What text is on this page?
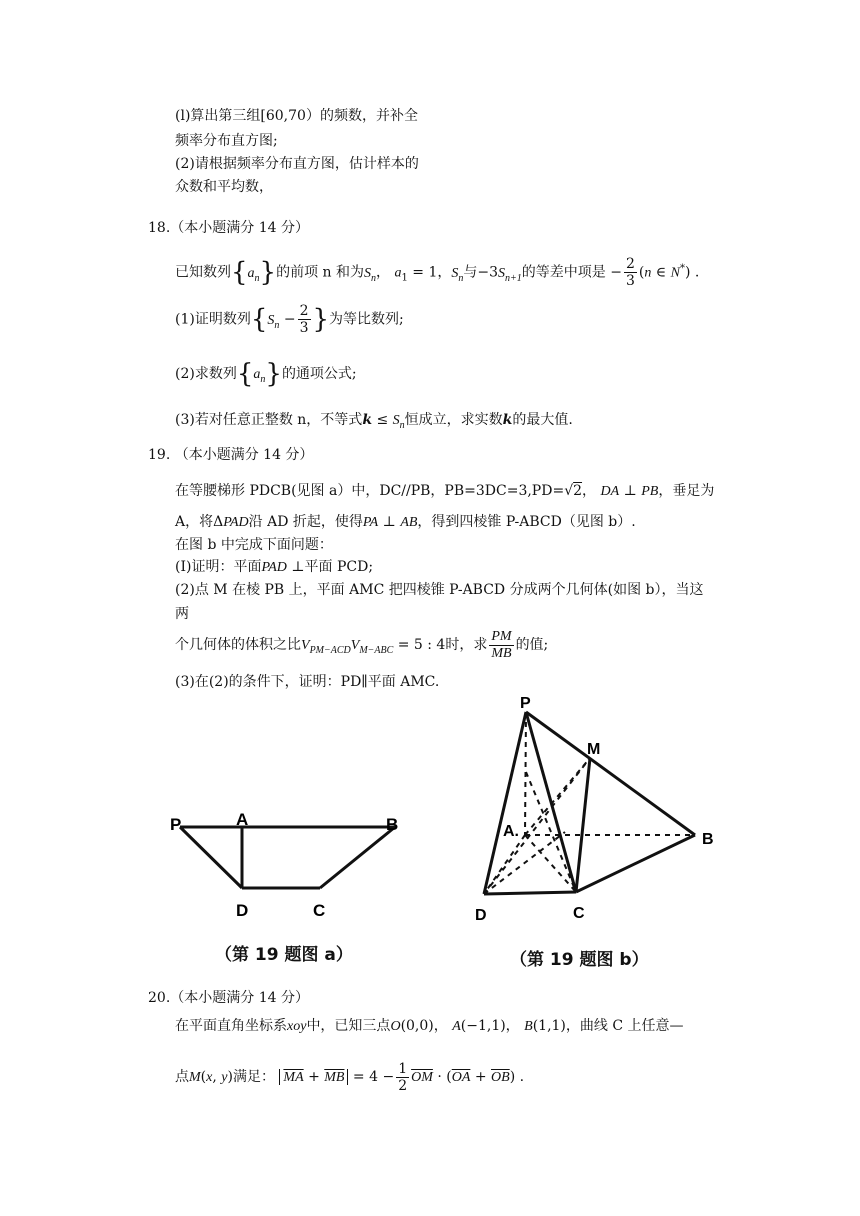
(l)算出第三组[60,70）的频数，并补全
频率分布直方图;
(2)请根据频率分布直方图，估计样本的
众数和平均数，
18.（本小题满分 14 分）
已知数列$\{a_n\}$的前项 n 和为$S_n$， $a_1 = 1$，$S_n$与$-3S_{n+1}$的等差中项是 − $\frac{2}{3} (n$ ∈ N*) .
(1)证明数列{$S_n - \frac{2}{3}$ }为等比数列;
(2)求数列$\{a_n\}$的通项公式;
(3)若对任意正整数 n，不等式$k \le S_n$恒成立，求实数k的最大值.
19. （本小题满分 14 分）
在等腰梯形 PDCB(见图 a）中，DC//PB，PB=3DC=3,PD=√2， DA ⊥ PB，垂足为
A，将ΔPAD沿 AD 折起，使得PA ⊥ AB，得到四棱锥 P-ABCD（见图 b）.
在图 b 中完成下面问题：
(I)证明：平面PAD ⊥平面 PCD;
(2)点 M 在棱 PB 上，平面 AMC 把四棱锥 P-ABCD 分成两个几何体(如图 b），当这
两
个几何体的体积之比$V_{PM-ACD}V_{M-ABC} = 5$ : 4时，求 $\frac{PM}{MB}$ 的值;
(3)在(2)的条件下，证明：PD∥平面 AMC.
P	A	B
D	C
（第 19 题图 a）
P
M
A.	B
D	C
（第 19 题图 b）
20.（本小题满分 14 分）
在平面直角坐标系xoy中，已知三点O(0,0)， A(−1,1)， B(1,1)，曲线 C 上任意—
点M(x, y)满足： $\overline{MA} + \overline{MB} = 4 - \frac{1}{2} \overline{OM} \cdot (\overline{OA} + \overline{OB})$ .
